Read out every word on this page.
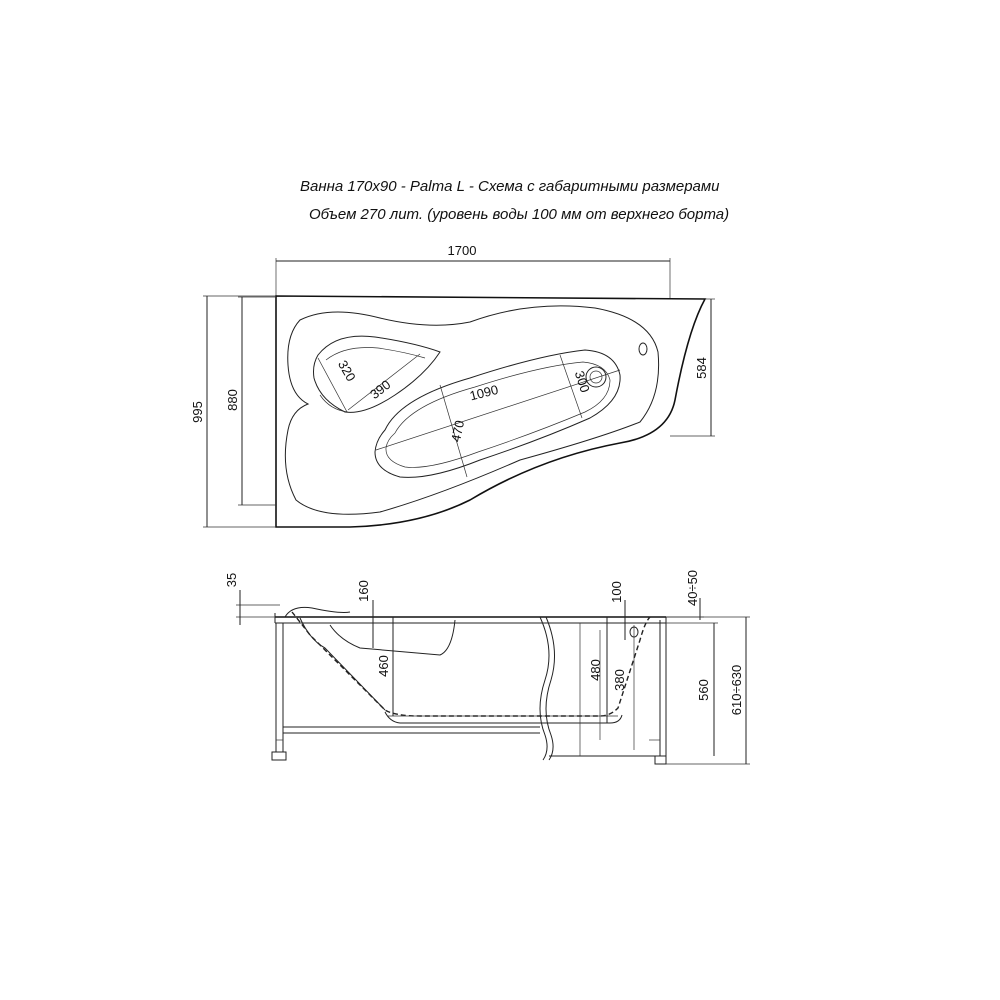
Ванна 170x90 - Palma L - Схема с габаритными размерами
Объем 270 лит. (уровень воды 100 мм от верхнего борта)
1700
320
390	1090
470
300
995
880
584
35
160
460
100
480 380
40÷50
560 610÷630
